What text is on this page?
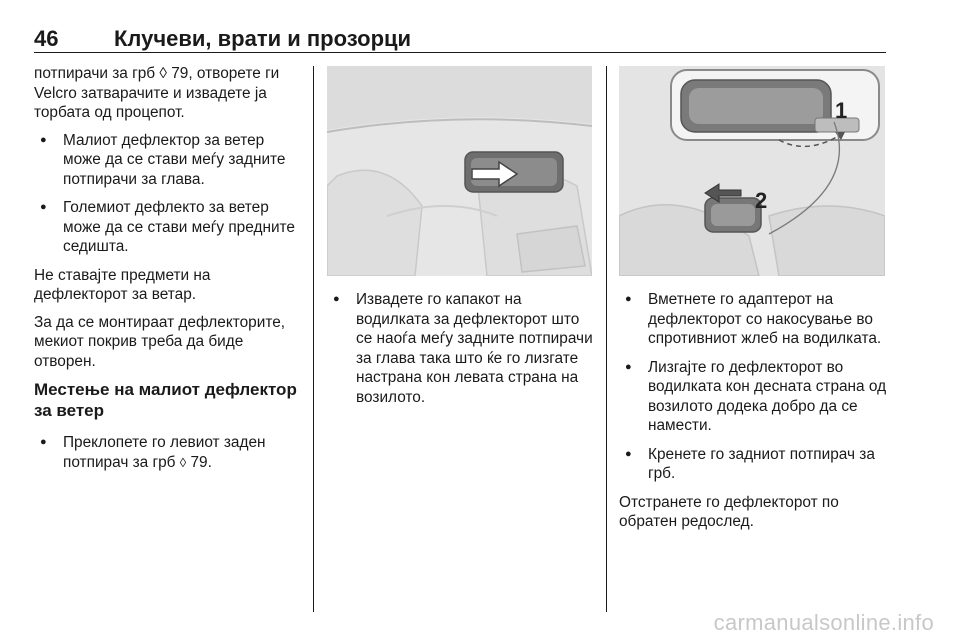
46	Клучеви, врати и прозорци

потпирачи за грб ◊ 79, отворете ги Velcro затварачите и извадете ја торбата од процепот.

● Малиот дефлектор за ветер може да се стави меѓу задните потпирачи за глава.
● Големиот дефлекто за ветер може да се стави меѓу предните седишта.

Не ставајте предмети на дефлекторот за ветар.

За да се монтираат дефлекторите, мекиот покрив треба да биде отворен.

Местење на малиот дефлектор за ветер
● Преклопете го левиот заден потпирач за грб ◊ 79.
1
2
● Извадете го капакот на водилката за дефлекторот што се наоѓа меѓу задните потпирачи за глава така што ќе го лизгате настрана кон левата страна на возилото.
● Вметнете го адаптерот на дефлекторот со накосување во спротивниот жлеб на водилката.
● Лизгајте го дефлекторот во водилката кон десната страна од возилото додека добро да се намести.
● Кренете го задниот потпирач за грб.

Отстранете го дефлекторот по обратен редослед.

carmanualsonline.info
